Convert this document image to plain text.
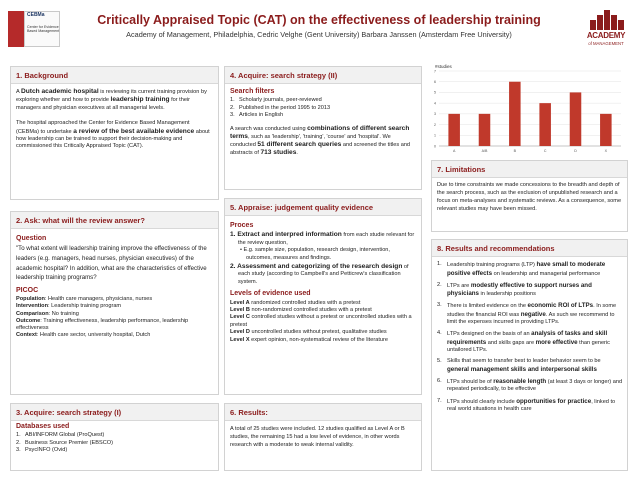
CEBMa
Center for Evidence Based Management
Critically Appraised Topic (CAT) on the effectiveness of leadership training
Academy of Management, Philadelphia, Cedric Velghe (Gent University) Barbara Janssen (Amsterdam Free University)	ACADEMY
of MANAGEMENT
1. Background

A Dutch academic hospital is reviewing its current training provision by exploring whether and how to provide leadership training for their managers and physician executives at all managerial levels.

The hospital approached the Center for Evidence Based Management (CEBMa) to undertake a review of the best available evidence about how leadership can be trained to support their decision-making and commissioned this Critically Appraised Topic (CAT).

2. Ask: what will the review answer?
Question

"To what extent will leadership training improve the effectiveness of the leaders (e.g. managers, head nurses, physician executives) of the academic hospital? In addition, what are the characteristics of effective leadership training programs?

PICOC
Population: Health care managers, physicians, nurses
Intervention: Leadership training program
Comparison: No training
Outcome: Training effectiveness, leadership performance, leadership effectiveness
Context: Health care sector, university hospital, Dutch
3. Acquire: search strategy (I)
Databases used
1. ABI/INFORM Global (ProQuest)
2. Business Source Premier (EBSCO)
3. PsycINFO (Ovid)
4. Acquire: search strategy (II)
Search filters
1. Scholarly journals, peer-reviewed
2. Published in the period 1995 to 2013
3. Articles in English

A search was conducted using combinations of different search terms, such as 'leadership', 'training', 'course' and 'hospital'. We conducted 51 different search queries and screened the titles and abstracts of 713 studies.

5. Appraise: judgement quality evidence
Proces
1. Extract and interpred information from each studie relevant for the review question,
• E.g. sample size, population, research design, intervention, outcomes, measures and findings.
2. Assessment and categorizing of the research design of each study (according to Campbell's and Petticrew's classification system.
Levels of evidence used
Level A randomized controlled studies with a pretest
Level B non-randomized controlled studies with a pretest
Level C controlled studies without a pretest or uncontrolled studies with a pretest
Level D uncontrolled studies without pretest, qualitative studies
Level X expert opinion, non-systematical review of the literature
6. Results:

A total of 25 studies were included. 12 studies qualified as Level A or B studies, the remaining 15 had a low level of evidence, in other words research with a moderate to weak internal validity.

#studies
0
1
2
3
4
5
6
7
A	A/B	B	C	D	X
7. Limitations

Due to time constraints we made concessions to the breadth and depth of the search process, such as the exclusion of unpublished research and a focus on meta-analyses and systematic reviews. As a consequence, some relevant studies may have been missed.

8. Results and recommendations
1. Leadership training programs (LTP) have small to moderate positive effects on leadership and managerial performance
2. LTPs are modestly effective to support nurses and physicians in leadership positions
3. There is limited evidence on the economic ROI of LTPs. In some studies the financial ROI was negative. As such we recommend to limit the expenses incurred in providing LTPs.
4. LTPs designed on the basis of an analysis of tasks and skill requirements and skills gaps are more effective than generic untailored LTPs.
5. Skills that seem to transfer best to leader behavior seem to be general management skills and interpersonal skills
6. LTPs should be of reasonable length (at least 3 days or longer) and repeated periodically, to be effective
7. LTPs should clearly include opportunities for practice, linked to real world situations in health care
